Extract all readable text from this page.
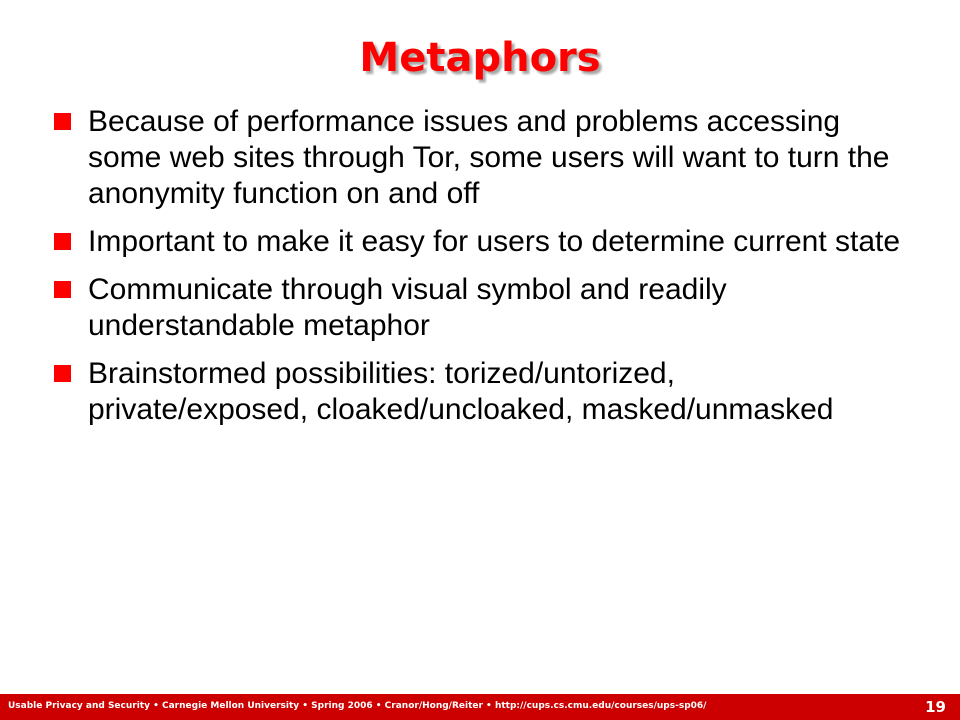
Metaphors
Because of performance issues and problems accessing some web sites through Tor, some users will want to turn the anonymity function on and off
Important to make it easy for users to determine current state
Communicate through visual symbol and readily understandable metaphor
Brainstormed possibilities: torized/untorized, private/exposed, cloaked/uncloaked, masked/unmasked
Usable Privacy and Security • Carnegie Mellon University • Spring 2006 • Cranor/Hong/Reiter • http://cups.cs.cmu.edu/courses/ups-sp06/	19
